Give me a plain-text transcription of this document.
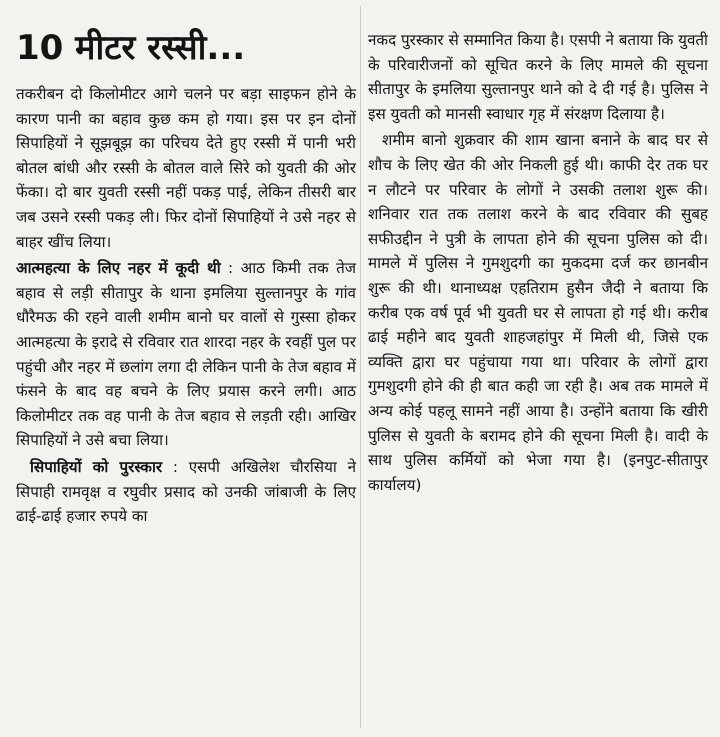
10 मीटर रस्सी...

तकरीबन दो किलोमीटर आगे चलने पर बड़ा साइफन होने के कारण पानी का बहाव कुछ कम हो गया। इस पर इन दोनों सिपाहियों ने सूझबूझ का परिचय देते हुए रस्सी में पानी भरी बोतल बांधी और रस्सी के बोतल वाले सिरे को युवती की ओर फेंका। दो बार युवती रस्सी नहीं पकड़ पाई, लेकिन तीसरी बार जब उसने रस्सी पकड़ ली। फिर दोनों सिपाहियों ने उसे नहर से बाहर खींच लिया।

आत्महत्या के लिए नहर में कूदी थी : आठ किमी तक तेज बहाव से लड़ी सीतापुर के थाना इमलिया सुल्तानपुर के गांव धौरैमऊ की रहने वाली शमीम बानो घर वालों से गुस्सा होकर आत्महत्या के इरादे से रविवार रात शारदा नहर के रवहीं पुल पर पहुंची और नहर में छलांग लगा दी लेकिन पानी के तेज बहाव में फंसने के बाद वह बचने के लिए प्रयास करने लगी। आठ किलोमीटर तक वह पानी के तेज बहाव से लड़ती रही। आखिर सिपाहियों ने उसे बचा लिया।

सिपाहियों को पुरस्कार : एसपी अखिलेश चौरसिया ने सिपाही रामवृक्ष व रघुवीर प्रसाद को उनकी जांबाजी के लिए ढाई-ढाई हजार रुपये का

नकद पुरस्कार से सम्मानित किया है। एसपी ने बताया कि युवती के परिवारीजनों को सूचित करने के लिए मामले की सूचना सीतापुर के इमलिया सुल्तानपुर थाने को दे दी गई है। पुलिस ने इस युवती को मानसी स्वाधार गृह में संरक्षण दिलाया है।

शमीम बानो शुक्रवार की शाम खाना बनाने के बाद घर से शौच के लिए खेत की ओर निकली हुई थी। काफी देर तक घर न लौटने पर परिवार के लोगों ने उसकी तलाश शुरू की। शनिवार रात तक तलाश करने के बाद रविवार की सुबह सफीउद्दीन ने पुत्री के लापता होने की सूचना पुलिस को दी। मामले में पुलिस ने गुमशुदगी का मुकदमा दर्ज कर छानबीन शुरू की थी। थानाध्यक्ष एहतिराम हुसैन जैदी ने बताया कि करीब एक वर्ष पूर्व भी युवती घर से लापता हो गई थी। करीब ढाई महीने बाद युवती शाहजहांपुर में मिली थी, जिसे एक व्यक्ति द्वारा घर पहुंचाया गया था। परिवार के लोगों द्वारा गुमशुदगी होने की ही बात कही जा रही है। अब तक मामले में अन्य कोई पहलू सामने नहीं आया है। उन्होंने बताया कि खीरी पुलिस से युवती के बरामद होने की सूचना मिली है। वादी के साथ पुलिस कर्मियों को भेजा गया है। (इनपुट-सीतापुर कार्यालय)
